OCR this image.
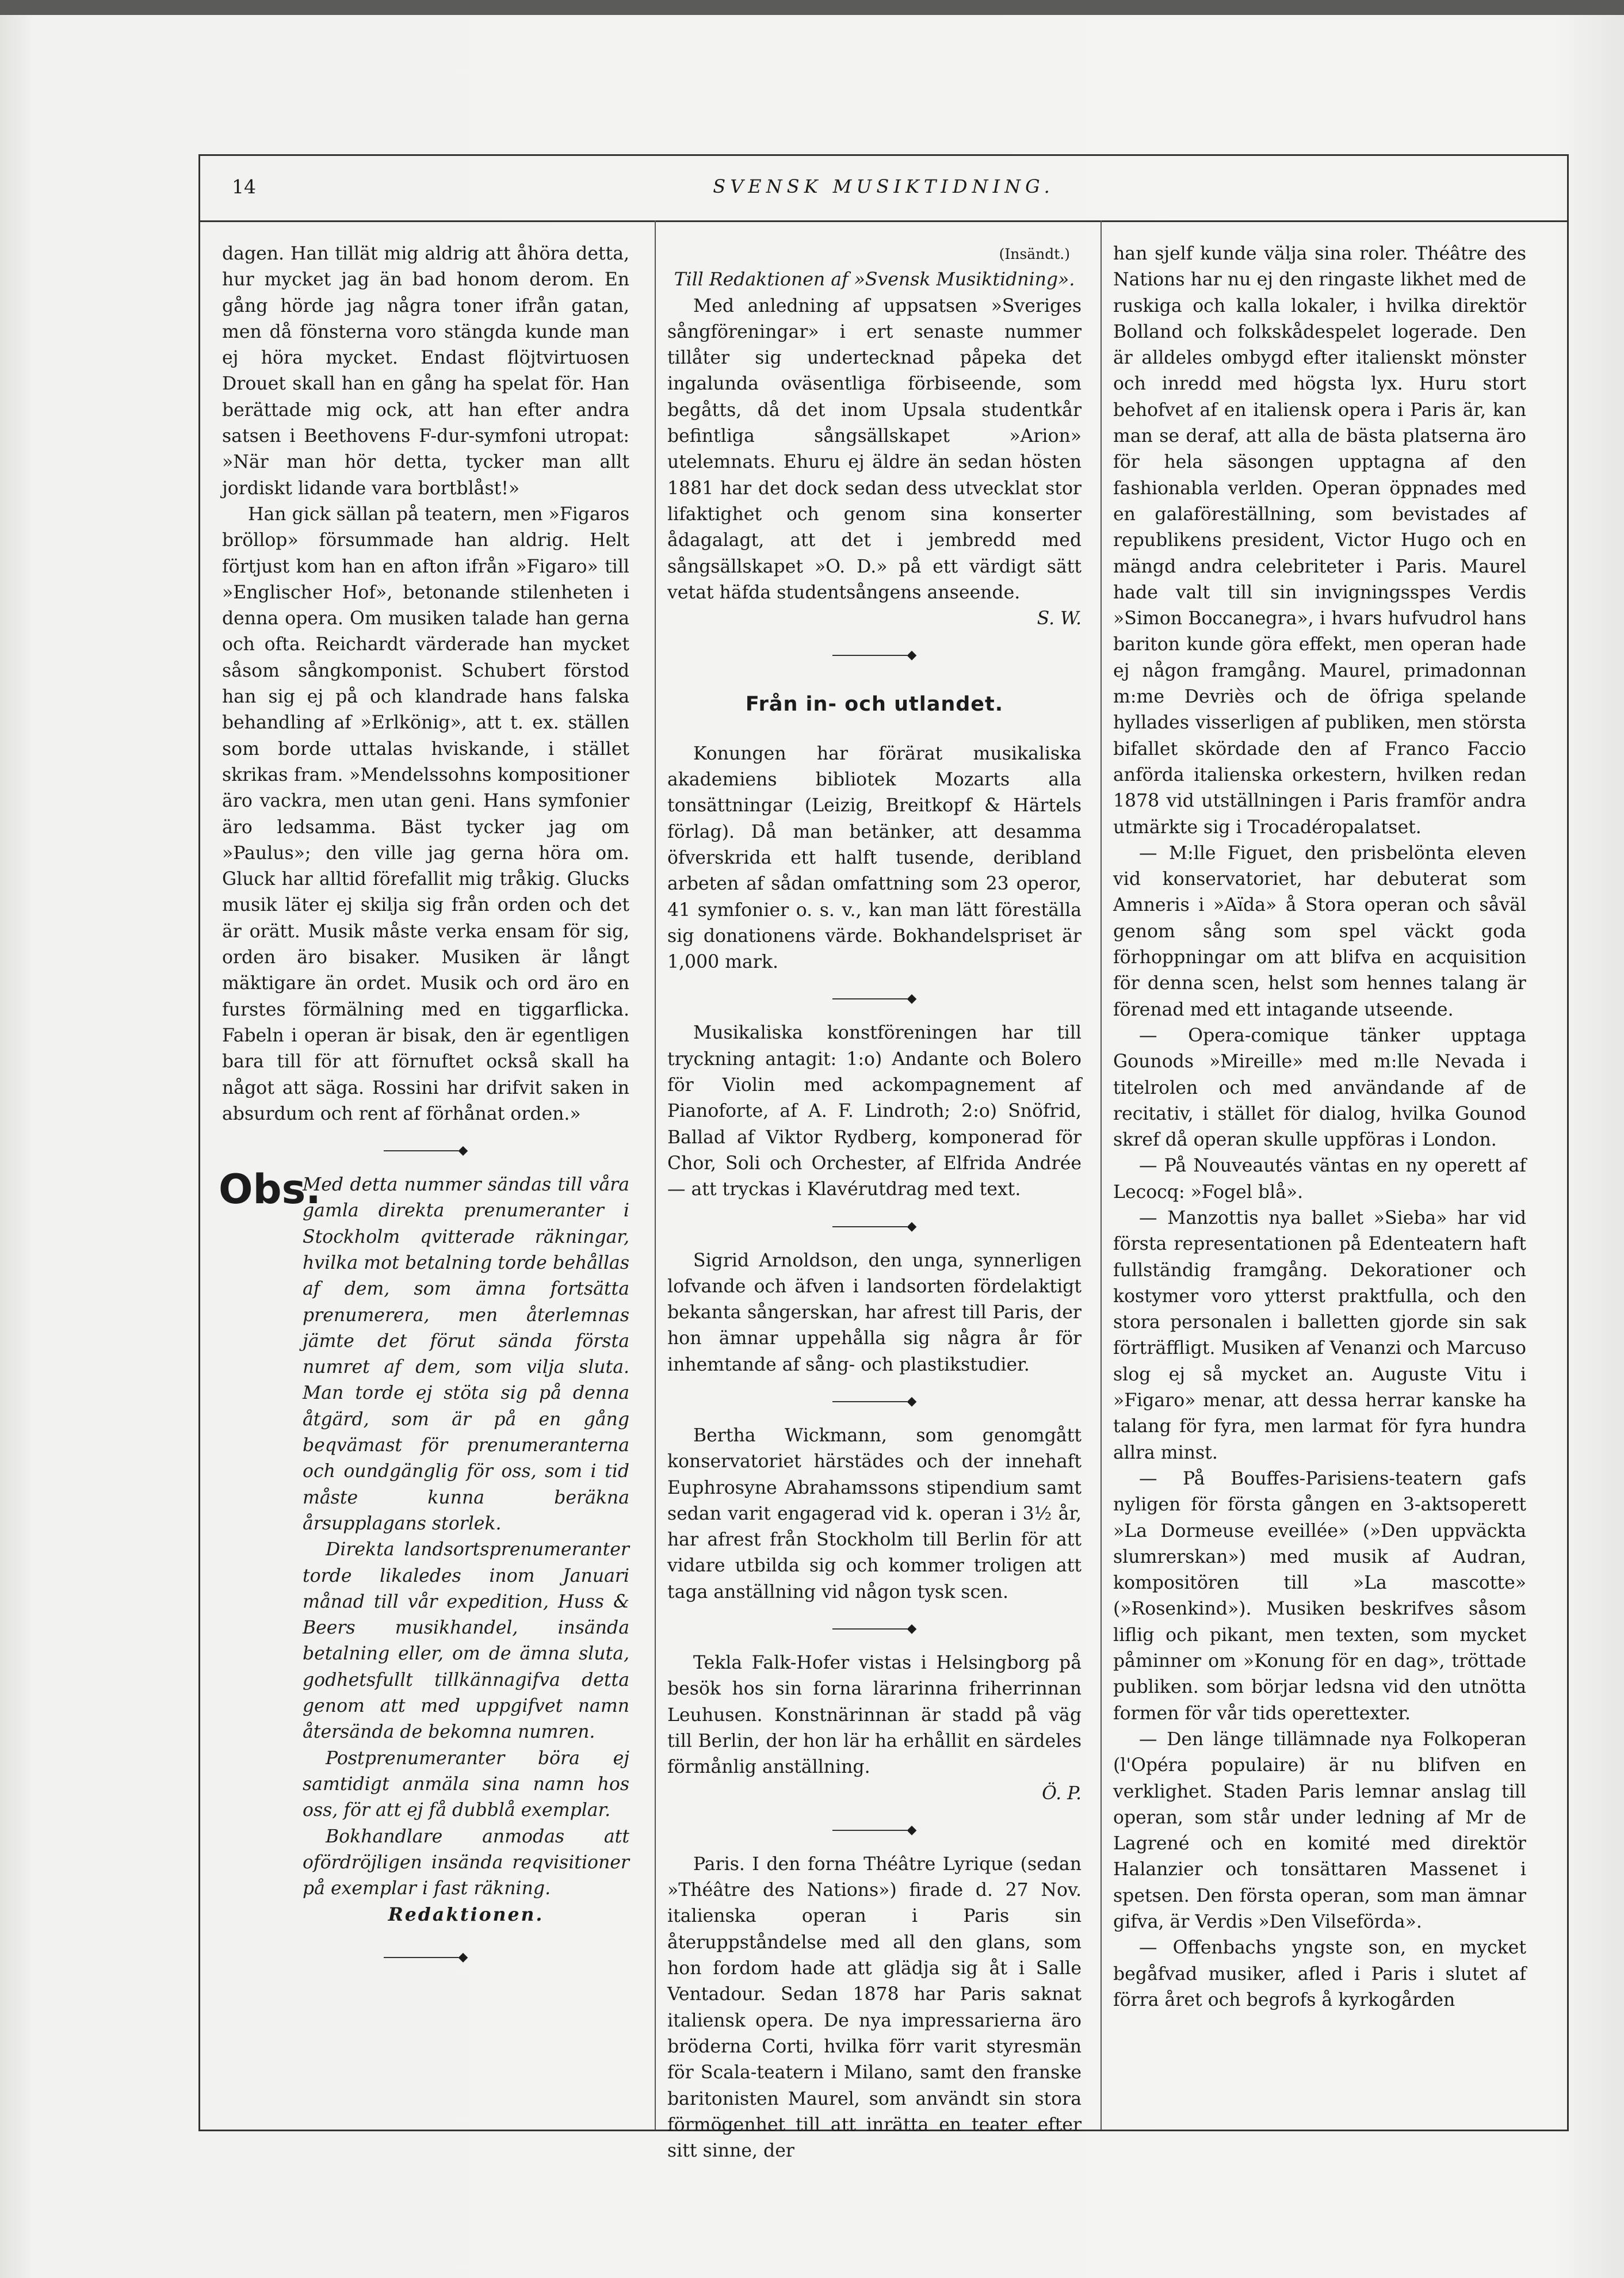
14	SVENSK MUSIKTIDNING.

dagen. Han tillät mig aldrig att åhöra detta, hur mycket jag än bad honom derom. En gång hörde jag några toner ifrån gatan, men då fönsterna voro stängda kunde man ej höra mycket. Endast flöjtvirtuosen Drouet skall han en gång ha spelat för. Han berättade mig ock, att han efter andra satsen i Beethovens F-dur-symfoni utropat: »När man hör detta, tycker man allt jordiskt lidande vara bortblåst!»

Han gick sällan på teatern, men »Figaros bröllop» försummade han aldrig. Helt förtjust kom han en afton ifrån »Figaro» till »Englischer Hof», betonande stilenheten i denna opera. Om musiken talade han gerna och ofta. Reichardt värderade han mycket såsom sångkomponist. Schubert förstod han sig ej på och klandrade hans falska behandling af »Erlkönig», att t. ex. ställen som borde uttalas hviskande, i stället skrikas fram. »Mendelssohns kompositioner äro vackra, men utan geni. Hans symfonier äro ledsamma. Bäst tycker jag om »Paulus»; den ville jag gerna höra om. Gluck har alltid förefallit mig tråkig. Glucks musik läter ej skilja sig från orden och det är orätt. Musik måste verka ensam för sig, orden äro bisaker. Musiken är långt mäktigare än ordet. Musik och ord äro en furstes förmälning med en tiggarflicka. Fabeln i operan är bisak, den är egentligen bara till för att förnuftet också skall ha något att säga. Rossini har drifvit saken in absurdum och rent af förhånat orden.»

◆
Obs.

Med detta nummer sändas till våra gamla direkta prenumeranter i Stockholm qvitterade räkningar, hvilka mot betalning torde behållas af dem, som ämna fortsätta prenumerera, men återlemnas jämte det förut sända första numret af dem, som vilja sluta. Man torde ej stöta sig på denna åtgärd, som är på en gång beqvämast för prenumeranterna och oundgänglig för oss, som i tid måste kunna beräkna årsupplagans storlek.

Direkta landsortsprenumeranter torde likaledes inom Januari månad till vår expedition, Huss & Beers musikhandel, insända betalning eller, om de ämna sluta, godhetsfullt tillkännagifva detta genom att med uppgifvet namn återsända de bekomna numren.

Postprenumeranter böra ej samtidigt anmäla sina namn hos oss, för att ej få dubblå exemplar.

Bokhandlare anmodas att ofördröjligen insända reqvisitioner på exemplar i fast räkning.

Redaktionen.

◆
(Insändt.)

Till Redaktionen af »Svensk Musiktidning».

Med anledning af uppsatsen »Sveriges sångföreningar» i ert senaste nummer tillåter sig undertecknad påpeka det ingalunda oväsentliga förbiseende, som begåtts, då det inom Upsala studentkår befintliga sångsällskapet »Arion» utelemnats. Ehuru ej äldre än sedan hösten 1881 har det dock sedan dess utvecklat stor lifaktighet och genom sina konserter ådagalagt, att det i jembredd med sångsällskapet »O. D.» på ett värdigt sätt vetat häfda studentsångens anseende.

S. W.

◆
Från in- och utlandet.

Konungen har förärat musikaliska akademiens bibliotek Mozarts alla tonsättningar (Leizig, Breitkopf & Härtels förlag). Då man betänker, att desamma öfverskrida ett halft tusende, deribland arbeten af sådan omfattning som 23 operor, 41 symfonier o. s. v., kan man lätt föreställa sig donationens värde. Bokhandelspriset är 1,000 mark.

◆

Musikaliska konstföreningen har till tryckning antagit: 1:o) Andante och Bolero för Violin med ackompagnement af Pianoforte, af A. F. Lindroth; 2:o) Snöfrid, Ballad af Viktor Rydberg, komponerad för Chor, Soli och Orchester, af Elfrida Andrée — att tryckas i Klavérutdrag med text.

◆

Sigrid Arnoldson, den unga, synnerligen lofvande och äfven i landsorten fördelaktigt bekanta sångerskan, har afrest till Paris, der hon ämnar uppehålla sig några år för inhemtande af sång- och plastikstudier.

◆

Bertha Wickmann, som genomgått konservatoriet härstädes och der innehaft Euphrosyne Abrahamssons stipendium samt sedan varit engagerad vid k. operan i 3½ år, har afrest från Stockholm till Berlin för att vidare utbilda sig och kommer troligen att taga anställning vid någon tysk scen.

◆

Tekla Falk-Hofer vistas i Helsingborg på besök hos sin forna lärarinna friherrinnan Leuhusen. Konstnärinnan är stadd på väg till Berlin, der hon lär ha erhållit en särdeles förmånlig anställning.

Ö. P.

◆

Paris. I den forna Théâtre Lyrique (sedan »Théâtre des Nations») firade d. 27 Nov. italienska operan i Paris sin återuppståndelse med all den glans, som hon fordom hade att glädja sig åt i Salle Ventadour. Sedan 1878 har Paris saknat italiensk opera. De nya impressarierna äro bröderna Corti, hvilka förr varit styresmän för Scala-teatern i Milano, samt den franske baritonisten Maurel, som användt sin stora förmögenhet till att inrätta en teater efter sitt sinne, der

han sjelf kunde välja sina roler. Théâtre des Nations har nu ej den ringaste likhet med de ruskiga och kalla lokaler, i hvilka direktör Bolland och folkskådespelet logerade. Den är alldeles ombygd efter italienskt mönster och inredd med högsta lyx. Huru stort behofvet af en italiensk opera i Paris är, kan man se deraf, att alla de bästa platserna äro för hela säsongen upptagna af den fashionabla verlden. Operan öppnades med en galaföreställning, som bevistades af republikens president, Victor Hugo och en mängd andra celebriteter i Paris. Maurel hade valt till sin invigningsspes Verdis »Simon Boccanegra», i hvars hufvudrol hans bariton kunde göra effekt, men operan hade ej någon framgång. Maurel, primadonnan m:me Devriès och de öfriga spelande hyllades visserligen af publiken, men största bifallet skördade den af Franco Faccio anförda italienska orkestern, hvilken redan 1878 vid utställningen i Paris framför andra utmärkte sig i Trocadéropalatset.

— M:lle Figuet, den prisbelönta eleven vid konservatoriet, har debuterat som Amneris i »Aïda» å Stora operan och såväl genom sång som spel väckt goda förhoppningar om att blifva en acquisition för denna scen, helst som hennes talang är förenad med ett intagande utseende.

— Opera-comique tänker upptaga Gounods »Mireille» med m:lle Nevada i titelrolen och med användande af de recitativ, i stället för dialog, hvilka Gounod skref då operan skulle uppföras i London.

— På Nouveautés väntas en ny operett af Lecocq: »Fogel blå».

— Manzottis nya ballet »Sieba» har vid första representationen på Edenteatern haft fullständig framgång. Dekorationer och kostymer voro ytterst praktfulla, och den stora personalen i balletten gjorde sin sak förträffligt. Musiken af Venanzi och Marcuso slog ej så mycket an. Auguste Vitu i »Figaro» menar, att dessa herrar kanske ha talang för fyra, men larmat för fyra hundra allra minst.

— På Bouffes-Parisiens-teatern gafs nyligen för första gången en 3-aktsoperett »La Dormeuse eveillée» (»Den uppväckta slumrerskan») med musik af Audran, kompositören till »La mascotte» (»Rosenkind»). Musiken beskrifves såsom liflig och pikant, men texten, som mycket påminner om »Konung för en dag», tröttade publiken. som börjar ledsna vid den utnötta formen för vår tids operettexter.

— Den länge tillämnade nya Folkoperan (l'Opéra populaire) är nu blifven en verklighet. Staden Paris lemnar anslag till operan, som står under ledning af Mr de Lagrené och en komité med direktör Halanzier och tonsättaren Massenet i spetsen. Den första operan, som man ämnar gifva, är Verdis »Den Vilseförda».

— Offenbachs yngste son, en mycket begåfvad musiker, afled i Paris i slutet af förra året och begrofs å kyrkogården
